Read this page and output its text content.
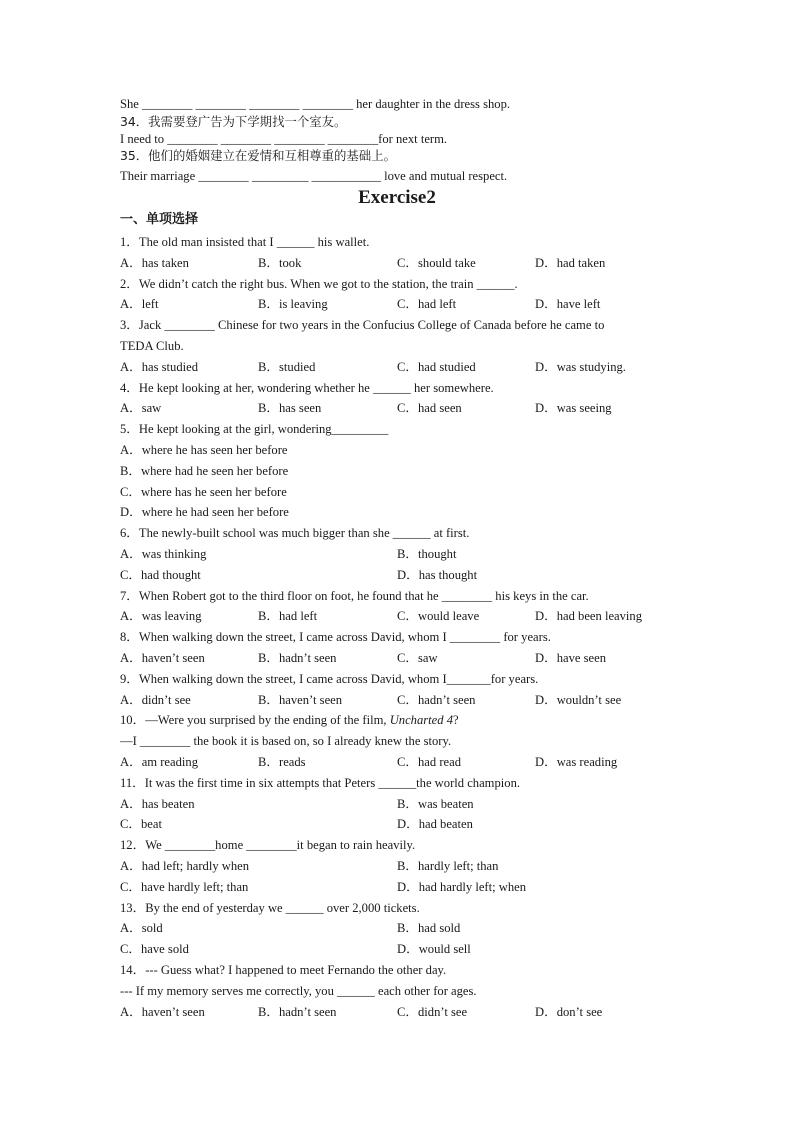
She ________ ________ ________ ________ her daughter in the dress shop.
34．我需要登广告为下学期找一个室友。
I need to ________ ________ ________ ________for next term.
35．他们的婚姻建立在爱情和互相尊重的基础上。
Their marriage ________ _________ ___________ love and mutual respect.
Exercise2
一、单项选择
1．The old man insisted that I ______ his wallet.
A．has taken	B．took	C．should take	D．had taken
2．We didn’t catch the right bus. When we got to the station, the train ______.
A．left	B．is leaving	C．had left	D．have left
3．Jack ________ Chinese for two years in the Confucius College of Canada before he came to
TEDA Club.
A．has studied	B．studied	C．had studied	D．was studying.
4．He kept looking at her, wondering whether he ______ her somewhere.
A．saw	B．has seen	C．had seen	D．was seeing
5．He kept looking at the girl, wondering_________
A．where he has seen her before
B．where had he seen her before
C．where has he seen her before
D．where he had seen her before
6．The newly-built school was much bigger than she ______ at first.
A．was thinking	B．thought
C．had thought	D．has thought
7．When Robert got to the third floor on foot, he found that he ________ his keys in the car.
A．was leaving	B．had left	C．would leave	D．had been leaving
8．When walking down the street, I came across David, whom I ________ for years.
A．haven’t seen	B．hadn’t seen	C．saw	D．have seen
9．When walking down the street, I came across David, whom I_______for years.
A．didn’t see	B．haven’t seen	C．hadn’t seen	D．wouldn’t see
10．—Were you surprised by the ending of the film, Uncharted 4?
—I ________ the book it is based on, so I already knew the story.
A．am reading	B．reads	C．had read	D．was reading
11．It was the first time in six attempts that Peters ______the world champion.
A．has beaten	B．was beaten
C．beat	D．had beaten
12．We ________home ________it began to rain heavily.
A．had left; hardly when	B．hardly left; than
C．have hardly left; than	D．had hardly left; when
13．By the end of yesterday we ______ over 2,000 tickets.
A．sold	B．had sold
C．have sold	D．would sell
14．--- Guess what? I happened to meet Fernando the other day.
--- If my memory serves me correctly, you ______ each other for ages.
A．haven’t seen	B．hadn’t seen	C．didn’t see	D．don’t see
